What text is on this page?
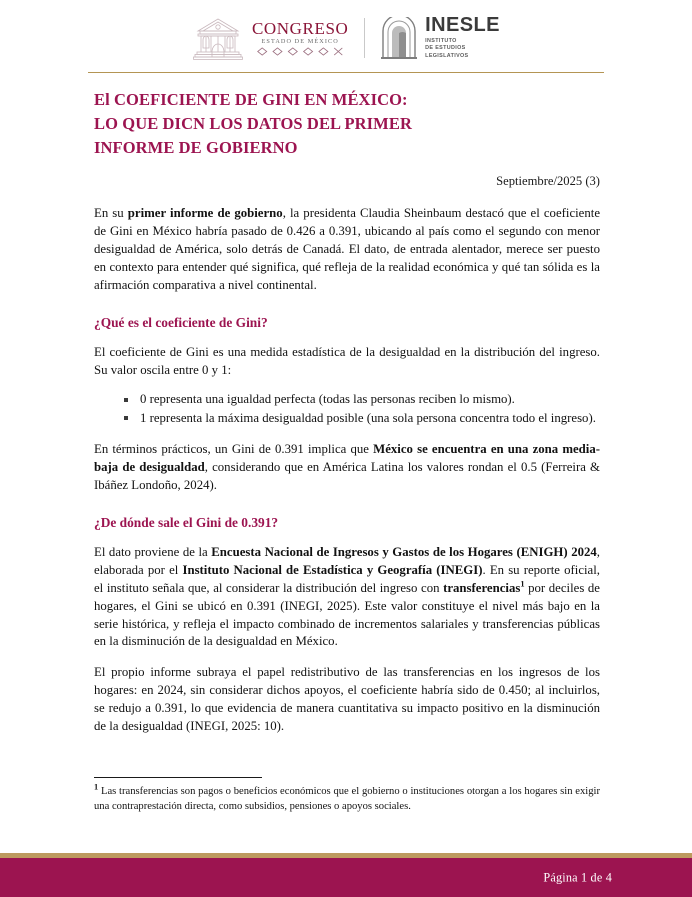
CONGRESO
ESTADO DE MÉXICO
INESLE
INSTITUTO
DE ESTUDIOS
LEGISLATIVOS
El COEFICIENTE DE GINI EN MÉXICO:
LO QUE DICN LOS DATOS DEL PRIMER
INFORME DE GOBIERNO
Septiembre/2025 (3)

En su primer informe de gobierno, la presidenta Claudia Sheinbaum destacó que el coeficiente de Gini en México habría pasado de 0.426 a 0.391, ubicando al país como el segundo con menor desigualdad de América, solo detrás de Canadá. El dato, de entrada alentador, merece ser puesto en contexto para entender qué significa, qué refleja de la realidad económica y qué tan sólida es la afirmación comparativa a nivel continental.

¿Qué es el coeficiente de Gini?

El coeficiente de Gini es una medida estadística de la desigualdad en la distribución del ingreso. Su valor oscila entre 0 y 1:

0 representa una igualdad perfecta (todas las personas reciben lo mismo).
1 representa la máxima desigualdad posible (una sola persona concentra todo el ingreso).

En términos prácticos, un Gini de 0.391 implica que México se encuentra en una zona media-baja de desigualdad, considerando que en América Latina los valores rondan el 0.5 (Ferreira & Ibáñez Londoño, 2024).

¿De dónde sale el Gini de 0.391?

El dato proviene de la Encuesta Nacional de Ingresos y Gastos de los Hogares (ENIGH) 2024, elaborada por el Instituto Nacional de Estadística y Geografía (INEGI). En su reporte oficial, el instituto señala que, al considerar la distribución del ingreso con transferencias$^1$ por deciles de hogares, el Gini se ubicó en 0.391 (INEGI, 2025). Este valor constituye el nivel más bajo en la serie histórica, y refleja el impacto combinado de incrementos salariales y transferencias públicas en la disminución de la desigualdad en México.

El propio informe subraya el papel redistributivo de las transferencias en los ingresos de los hogares: en 2024, sin considerar dichos apoyos, el coeficiente habría sido de 0.450; al incluirlos, se redujo a 0.391, lo que evidencia de manera cuantitativa su impacto positivo en la disminución de la desigualdad (INEGI, 2025: 10).

$^1$ Las transferencias son pagos o beneficios económicos que el gobierno o instituciones otorgan a los hogares sin exigir una contraprestación directa, como subsidios, pensiones o apoyos sociales.

Página 1 de 4
